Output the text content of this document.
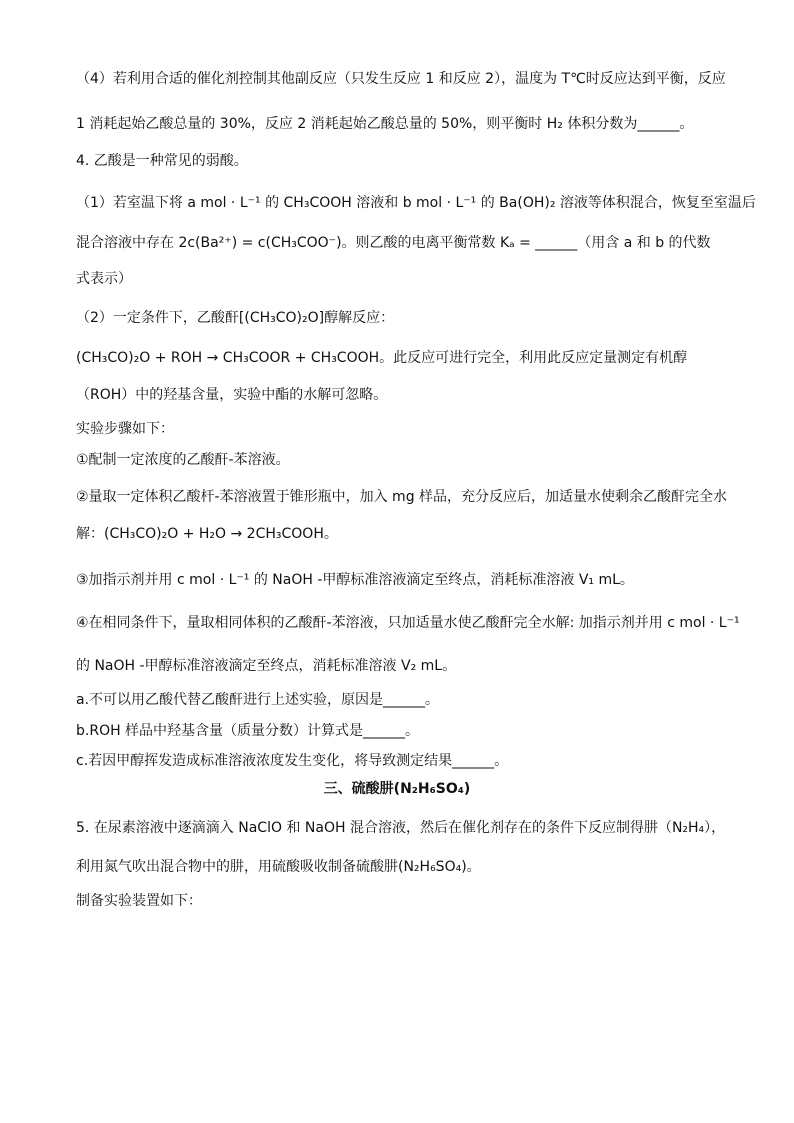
（4）若利用合适的催化剂控制其他副反应（只发生反应 1 和反应 2），温度为 T℃时反应达到平衡，反应
1 消耗起始乙酸总量的 30%，反应 2 消耗起始乙酸总量的 50%，则平衡时 H₂ 体积分数为______。
4. 乙酸是一种常见的弱酸。
（1）若室温下将 a mol · L⁻¹ 的 CH₃COOH 溶液和 b mol · L⁻¹ 的 Ba(OH)₂ 溶液等体积混合，恢复至室温后
混合溶液中存在 2c(Ba²⁺) = c(CH₃COO⁻)。则乙酸的电离平衡常数 Kₐ = ______（用含 a 和 b 的代数
式表示）
（2）一定条件下，乙酸酐[(CH₃CO)₂O]醇解反应：
(CH₃CO)₂O + ROH → CH₃COOR + CH₃COOH。此反应可进行完全，利用此反应定量测定有机醇
（ROH）中的羟基含量，实验中酯的水解可忽略。
实验步骤如下：
①配制一定浓度的乙酸酐-苯溶液。
②量取一定体积乙酸杆-苯溶液置于锥形瓶中，加入 mg 样品，充分反应后，加适量水使剩余乙酸酐完全水
解：(CH₃CO)₂O + H₂O → 2CH₃COOH。
③加指示剂并用 c mol · L⁻¹ 的 NaOH -甲醇标准溶液滴定至终点，消耗标准溶液 V₁ mL。
④在相同条件下，量取相同体积的乙酸酐-苯溶液，只加适量水使乙酸酐完全水解: 加指示剂并用 c mol · L⁻¹
的 NaOH -甲醇标准溶液滴定至终点，消耗标准溶液 V₂ mL。
a.不可以用乙酸代替乙酸酐进行上述实验，原因是______。
b.ROH 样品中羟基含量（质量分数）计算式是______。
c.若因甲醇挥发造成标准溶液浓度发生变化，将导致测定结果______。
三、硫酸肼(N₂H₆SO₄)
5. 在尿素溶液中逐滴滴入 NaClO 和 NaOH 混合溶液，然后在催化剂存在的条件下反应制得肼（N₂H₄），
利用氮气吹出混合物中的肼，用硫酸吸收制备硫酸肼(N₂H₆SO₄)。
制备实验装置如下：
